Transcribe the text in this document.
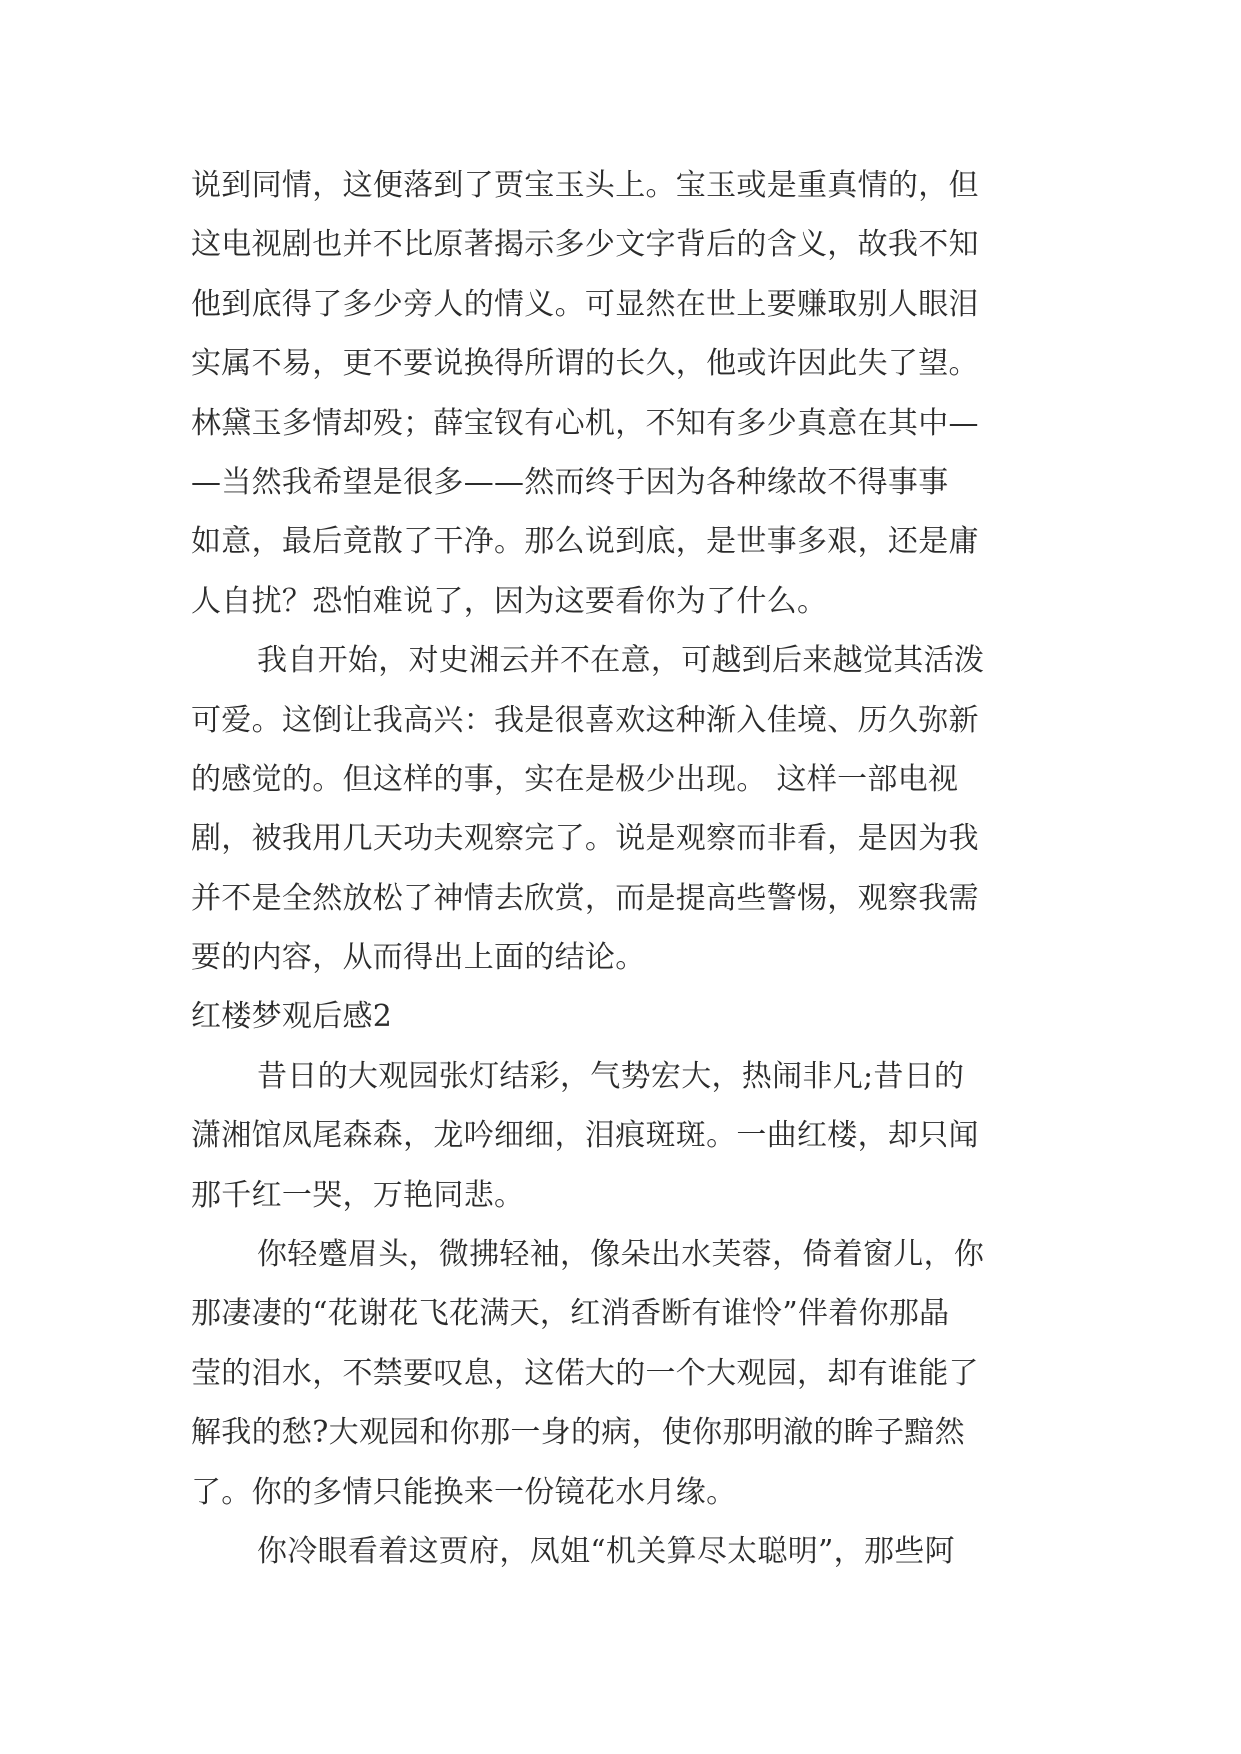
说到同情，这便落到了贾宝玉头上。宝玉或是重真情的，但

这电视剧也并不比原著揭示多少文字背后的含义，故我不知

他到底得了多少旁人的情义。可显然在世上要赚取别人眼泪

实属不易，更不要说换得所谓的长久，他或许因此失了望。

林黛玉多情却殁；薛宝钗有心机，不知有多少真意在其中—

—当然我希望是很多——然而终于因为各种缘故不得事事

如意，最后竟散了干净。那么说到底，是世事多艰，还是庸

人自扰？恐怕难说了，因为这要看你为了什么。

我自开始，对史湘云并不在意，可越到后来越觉其活泼

可爱。这倒让我高兴：我是很喜欢这种渐入佳境、历久弥新

的感觉的。但这样的事，实在是极少出现。 这样一部电视

剧，被我用几天功夫观察完了。说是观察而非看，是因为我

并不是全然放松了神情去欣赏，而是提高些警惕，观察我需

要的内容，从而得出上面的结论。

红楼梦观后感2

昔日的大观园张灯结彩，气势宏大，热闹非凡;昔日的

潇湘馆凤尾森森，龙吟细细，泪痕斑斑。一曲红楼，却只闻

那千红一哭，万艳同悲。

你轻蹙眉头，微拂轻袖，像朵出水芙蓉，倚着窗儿，你

那凄凄的“花谢花飞花满天，红消香断有谁怜”伴着你那晶

莹的泪水，不禁要叹息，这偌大的一个大观园，却有谁能了

解我的愁?大观园和你那一身的病，使你那明澈的眸子黯然

了。你的多情只能换来一份镜花水月缘。

你冷眼看着这贾府，凤姐“机关算尽太聪明”，那些阿
